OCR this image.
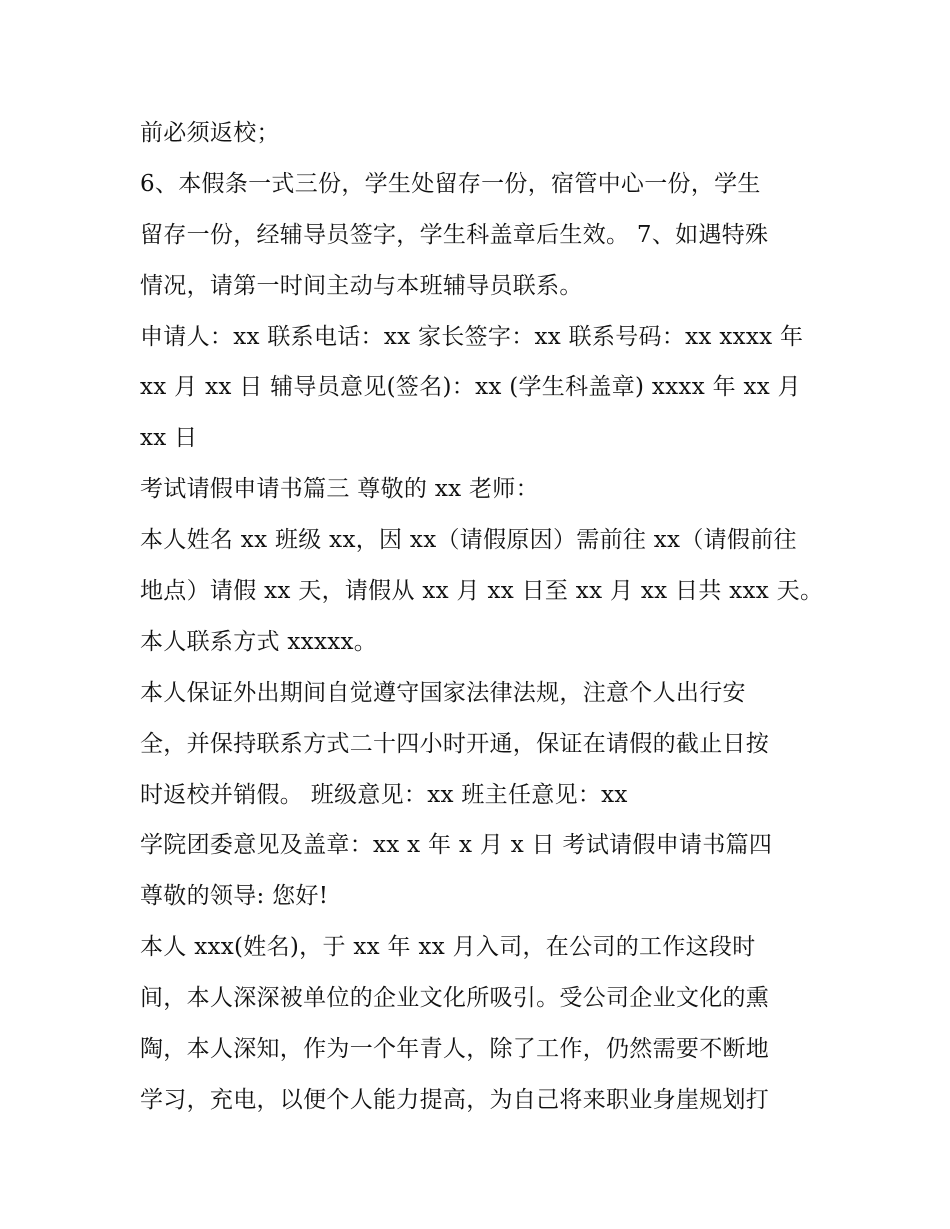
前必须返校；
6、本假条一式三份，学生处留存一份，宿管中心一份，学生
留存一份，经辅导员签字，学生科盖章后生效。 7、如遇特殊
情况，请第一时间主动与本班辅导员联系。
申请人：xx 联系电话：xx 家长签字：xx 联系号码：xx xxxx 年
xx 月 xx 日 辅导员意见(签名)：xx (学生科盖章) xxxx 年 xx 月
xx 日
考试请假申请书篇三 尊敬的 xx 老师：
本人姓名 xx 班级 xx，因 xx（请假原因）需前往 xx（请假前往
地点）请假 xx 天，请假从 xx 月 xx 日至 xx 月 xx 日共 xxx 天。
本人联系方式 xxxxx。
本人保证外出期间自觉遵守国家法律法规，注意个人出行安
全，并保持联系方式二十四小时开通，保证在请假的截止日按
时返校并销假。 班级意见：xx 班主任意见：xx
学院团委意见及盖章：xx x 年 x 月 x 日 考试请假申请书篇四
尊敬的领导: 您好!
本人 xxx(姓名)，于 xx 年 xx 月入司，在公司的工作这段时
间，本人深深被单位的企业文化所吸引。受公司企业文化的熏
陶，本人深知，作为一个年青人，除了工作，仍然需要不断地
学习，充电，以便个人能力提高，为自己将来职业身崖规划打
